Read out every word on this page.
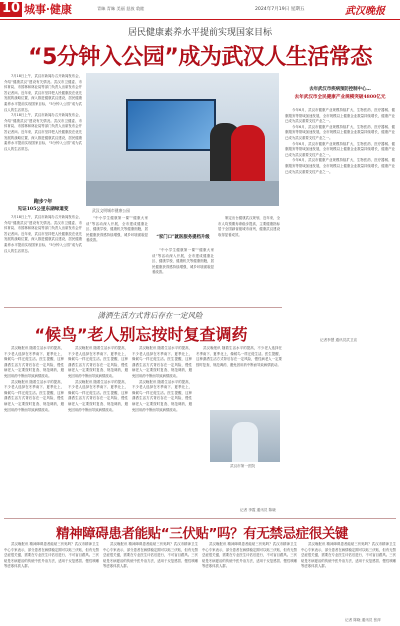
10 城事·健康	青睐 青睐 美丽 怒放 敦睦	2024年7月19日 星期五	武汉晚报
居民健康素养水平提前实现国家目标
“5分钟入公园”成为武汉人生活常态

7月18日上午，武汉市新闻办召开新闻发布会，介绍“健康武汉”建设有关情况。武汉市卫健委、市体育局、市园林和林业局等部门负责人出席发布会并答记者问。近年来，武汉市坚持把人民健康放在优先发展的战略位置，深入推进健康武汉建设，居民健康素养水平提前实现国家目标，“5分钟入公园”成为武汉人的生活常态。

7月18日上午，武汉市新闻办召开新闻发布会，介绍“健康武汉”建设有关情况。武汉市卫健委、市体育局、市园林和林业局等部门负责人出席发布会并答记者问。近年来，武汉市坚持把人民健康放在优先发展的战略位置，深入推进健康武汉建设，居民健康素养水平提前实现国家目标，“5分钟入公园”成为武汉人的生活常态。

跑步7年
见证105公里东湖绿道变

7月18日上午，武汉市新闻办召开新闻发布会，介绍“健康武汉”建设有关情况。武汉市卫健委、市体育局、市园林和林业局等部门负责人出席发布会并答记者问。近年来，武汉市坚持把人民健康放在优先发展的战略位置，深入推进健康武汉建设，居民健康素养水平提前实现国家目标，“5分钟入公园”成为武汉人的生活常态。

武汉文明城市健康公园
去年武汉市疾病预防控制中心…
去年武汉市全民健康产业规模突破4800亿元

今年6月，武汉市健康产业规模持续扩大，生物医药、医疗器械、健康服务等领域加速发展，全市规模以上健康企业数量持续增长，健康产业已成为武汉重要支柱产业之一。

今年6月，武汉市健康产业规模持续扩大，生物医药、医疗器械、健康服务等领域加速发展，全市规模以上健康企业数量持续增长，健康产业已成为武汉重要支柱产业之一。

今年6月，武汉市健康产业规模持续扩大，生物医药、医疗器械、健康服务等领域加速发展，全市规模以上健康企业数量持续增长，健康产业已成为武汉重要支柱产业之一。

今年6月，武汉市健康产业规模持续扩大，生物医药、医疗器械、健康服务等领域加速发展，全市规模以上健康企业数量持续增长，健康产业已成为武汉重要支柱产业之一。

记者李慧 通讯员武卫宣

“中小学生健康第一课”“健康大家谈”等活动深入开展，全市建成健康社区、健康学校、健康机关等健康细胞，居民健康获得感持续增强，城乡环境面貌显著改善。

“家门口”就医服务提档升级

“中小学生健康第一课”“健康大家谈”等活动深入开展，全市建成健康社区、健康学校、健康机关等健康细胞，居民健康获得感持续增强，城乡环境面貌显著改善。

制定出台健康武汉规划，近年来，全市人均预期寿命稳步提高，主要健康指标居于全国副省级城市前列，健康武汉建设取得显著成效。

潇洒生活方式背后存在一定风险
“候鸟”老人别忘按时复查调药

武汉晚报讯 随着生活水平的提高，不少老人选择在冬季南下、夏季北上，像候鸟一样迁徙生活。医生提醒，这种潇洒生活方式背后存在一定风险，慢性病老人一定要按时复查、规范调药，避免因用药中断而导致病情波动。

武汉晚报讯 随着生活水平的提高，不少老人选择在冬季南下、夏季北上，像候鸟一样迁徙生活。医生提醒，这种潇洒生活方式背后存在一定风险，慢性病老人一定要按时复查、规范调药，避免因用药中断而导致病情波动。

武汉晚报讯 随着生活水平的提高，不少老人选择在冬季南下、夏季北上，像候鸟一样迁徙生活。医生提醒，这种潇洒生活方式背后存在一定风险，慢性病老人一定要按时复查、规范调药，避免因用药中断而导致病情波动。

武汉晚报讯 随着生活水平的提高，不少老人选择在冬季南下、夏季北上，像候鸟一样迁徙生活。医生提醒，这种潇洒生活方式背后存在一定风险，慢性病老人一定要按时复查、规范调药，避免因用药中断而导致病情波动。

武汉晚报讯 随着生活水平的提高，不少老人选择在冬季南下、夏季北上，像候鸟一样迁徙生活。医生提醒，这种潇洒生活方式背后存在一定风险，慢性病老人一定要按时复查、规范调药，避免因用药中断而导致病情波动。

武汉晚报讯 随着生活水平的提高，不少老人选择在冬季南下、夏季北上，像候鸟一样迁徙生活。医生提醒，这种潇洒生活方式背后存在一定风险，慢性病老人一定要按时复查、规范调药，避免因用药中断而导致病情波动。

武汉晚报讯 随着生活水平的提高，不少老人选择在冬季南下、夏季北上，像候鸟一样迁徙生活。医生提醒，这种潇洒生活方式背后存在一定风险，慢性病老人一定要按时复查、规范调药，避免因用药中断而导致病情波动。

武汉市第一医院
记者 李霞 通讯员 陈晓
精神障碍患者能贴“三伏贴”吗？有无禁忌症很关键

武汉晚报讯 精神障碍患者能贴三伏贴吗？武汉市精神卫生中心专家表示，部分患者在病情稳定期可以贴三伏贴，但有无禁忌症很关键，需要在专业医生评估后进行，不可盲目跟风。三伏贴是冬病夏治的传统中医外治方法，适用于反复感冒、慢性咳嗽等虚寒体质人群。

武汉晚报讯 精神障碍患者能贴三伏贴吗？武汉市精神卫生中心专家表示，部分患者在病情稳定期可以贴三伏贴，但有无禁忌症很关键，需要在专业医生评估后进行，不可盲目跟风。三伏贴是冬病夏治的传统中医外治方法，适用于反复感冒、慢性咳嗽等虚寒体质人群。

武汉晚报讯 精神障碍患者能贴三伏贴吗？武汉市精神卫生中心专家表示，部分患者在病情稳定期可以贴三伏贴，但有无禁忌症很关键，需要在专业医生评估后进行，不可盲目跟风。三伏贴是冬病夏治的传统中医外治方法，适用于反复感冒、慢性咳嗽等虚寒体质人群。

武汉晚报讯 精神障碍患者能贴三伏贴吗？武汉市精神卫生中心专家表示，部分患者在病情稳定期可以贴三伏贴，但有无禁忌症很关键，需要在专业医生评估后进行，不可盲目跟风。三伏贴是冬病夏治的传统中医外治方法，适用于反复感冒、慢性咳嗽等虚寒体质人群。

记者 陈晓 通讯员 张萍
